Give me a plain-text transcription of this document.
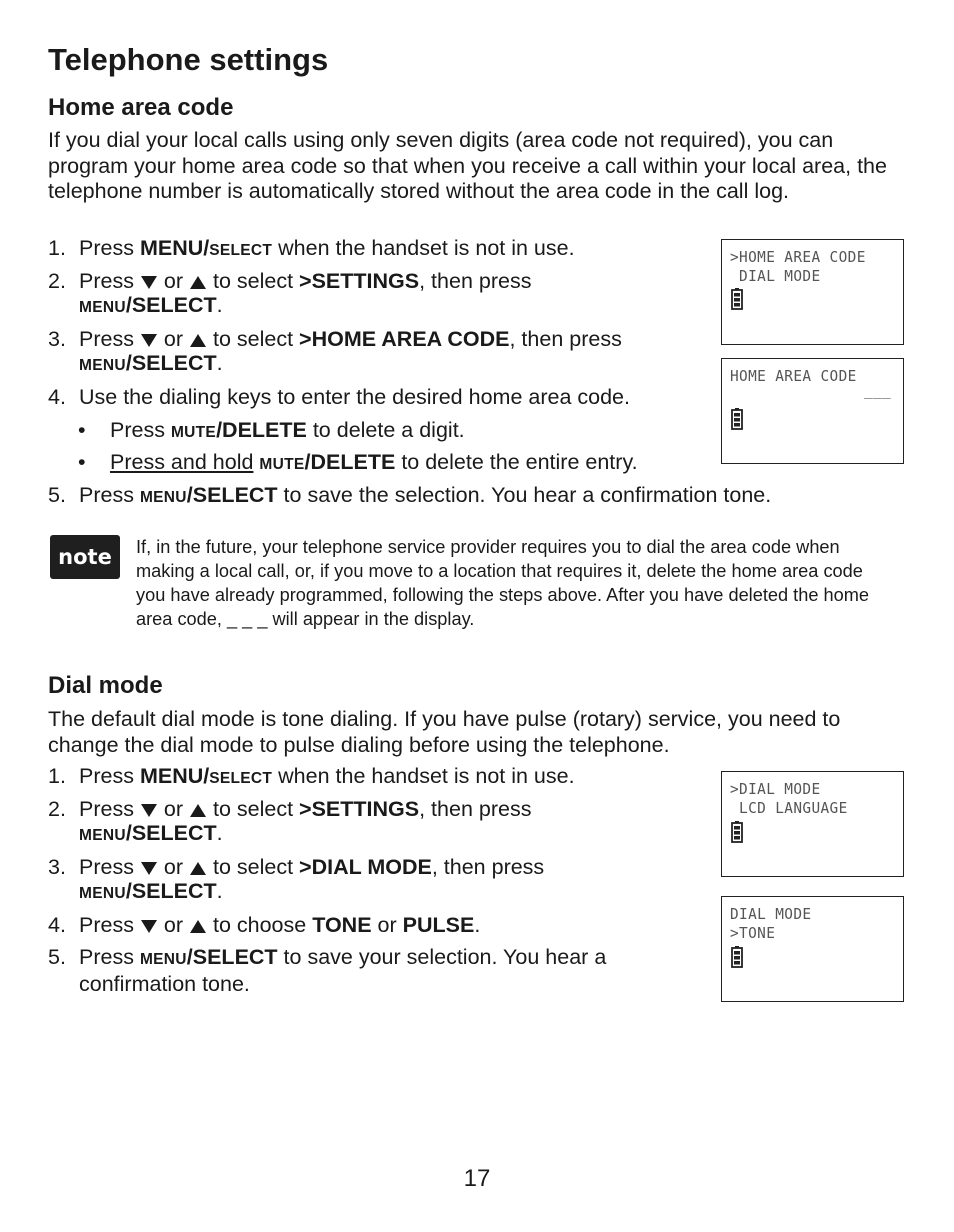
Telephone settings
Home area code

If you dial your local calls using only seven digits (area code not required), you can program your home area code so that when you receive a call within your local area, the telephone number is automatically stored without the area code in the call log.

1. Press MENU/SELECT when the handset is not in use.
2. Press  or  to select >SETTINGS, then press
MENU/SELECT.
3. Press  or  to select >HOME AREA CODE, then press
MENU/SELECT.
4. Use the dialing keys to enter the desired home area code.
• Press MUTE/DELETE to delete a digit.
• Press and hold MUTE/DELETE to delete the entire entry.
5. Press MENU/SELECT to save the selection. You hear a confirmation tone.
>HOME AREA CODE
DIAL MODE
HOME AREA CODE
___
note	If, in the future, your telephone service provider requires you to dial the area code when making a local call, or, if you move to a location that requires it, delete the home area code you have already programmed, following the steps above. After you have deleted the home area code, _ _ _ will appear in the display.

Dial mode

The default dial mode is tone dialing. If you have pulse (rotary) service, you need to change the dial mode to pulse dialing before using the telephone.

1. Press MENU/SELECT when the handset is not in use.
2. Press  or  to select >SETTINGS, then press
MENU/SELECT.
3. Press  or  to select >DIAL MODE, then press
MENU/SELECT.
4. Press  or  to choose TONE or PULSE.
5. Press MENU/SELECT to save your selection. You hear a
confirmation tone.
>DIAL MODE
LCD LANGUAGE
DIAL MODE
>TONE
17
